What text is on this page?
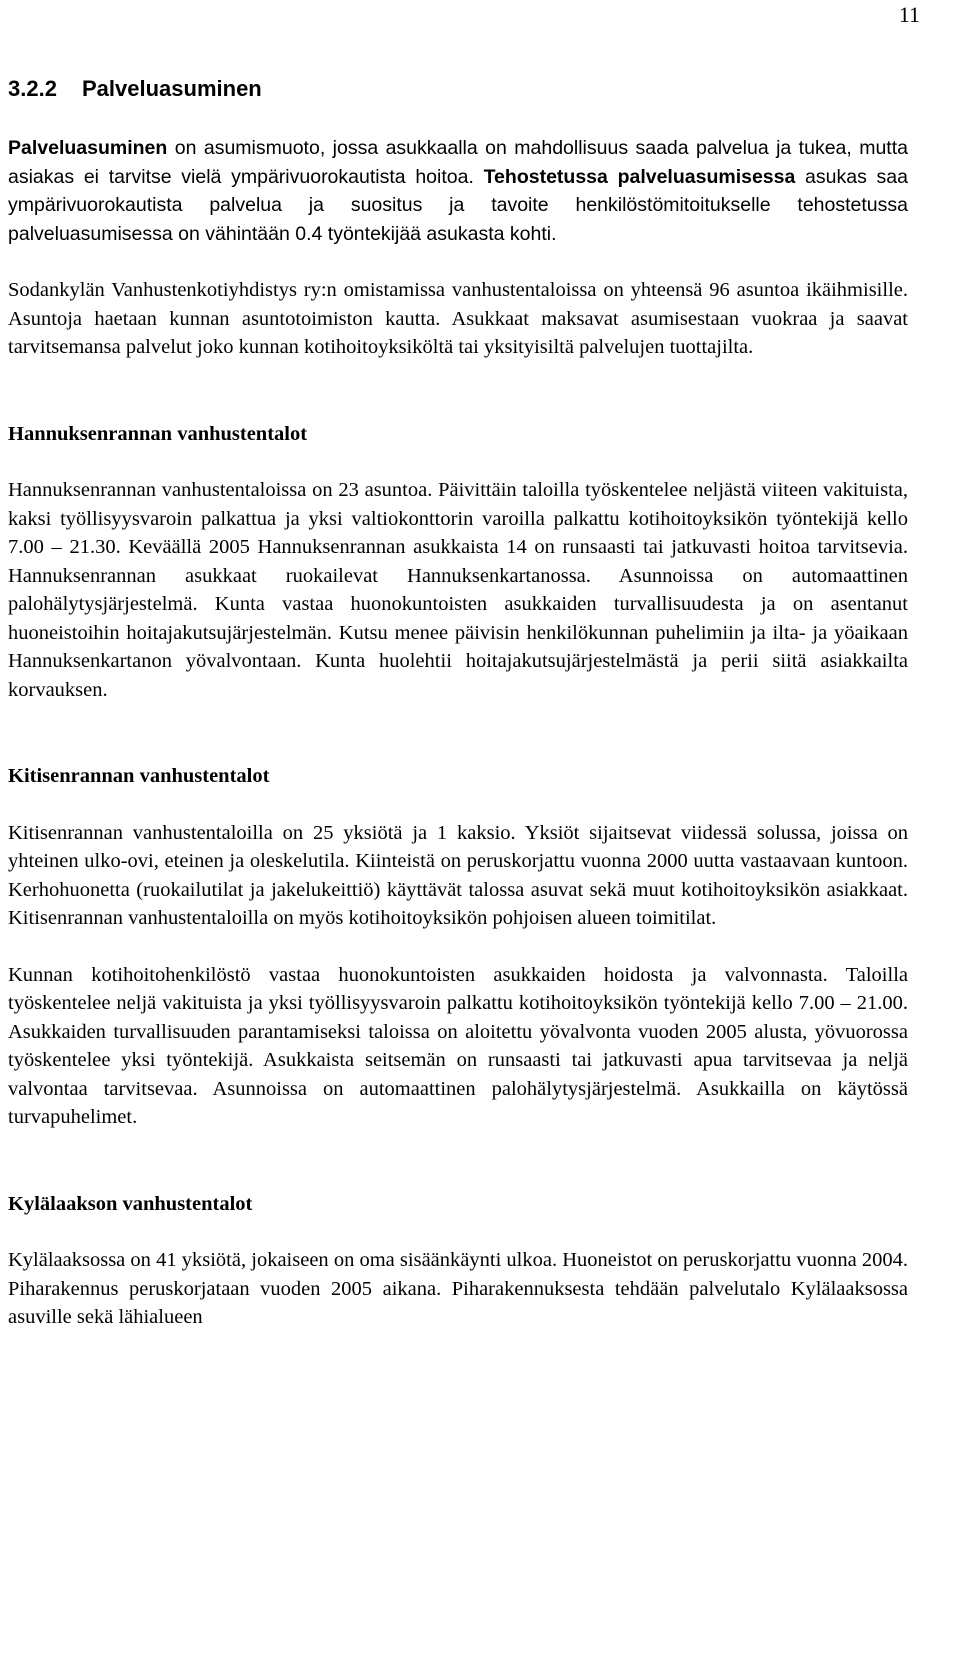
11
3.2.2 Palveluasuminen

Palveluasuminen on asumismuoto, jossa asukkaalla on mahdollisuus saada palvelua ja tukea, mutta asiakas ei tarvitse vielä ympärivuorokautista hoitoa. Tehostetussa palveluasumisessa asukas saa ympärivuorokautista palvelua ja suositus ja tavoite henkilöstömitoitukselle tehostetussa palveluasumisessa on vähintään 0.4 työntekijää asukasta kohti.

Sodankylän Vanhustenkotiyhdistys ry:n omistamissa vanhustentaloissa on yhteensä 96 asuntoa ikäihmisille. Asuntoja haetaan kunnan asuntotoimiston kautta. Asukkaat maksavat asumisestaan vuokraa ja saavat tarvitsemansa palvelut joko kunnan kotihoitoyksiköltä tai yksityisiltä palvelujen tuottajilta.

Hannuksenrannan vanhustentalot

Hannuksenrannan vanhustentaloissa on 23 asuntoa. Päivittäin taloilla työskentelee neljästä viiteen vakituista, kaksi työllisyysvaroin palkattua ja yksi valtiokonttorin varoilla palkattu kotihoitoyksikön työntekijä kello 7.00 – 21.30. Keväällä 2005 Hannuksenrannan asukkaista 14 on runsaasti tai jatkuvasti hoitoa tarvitsevia. Hannuksenrannan asukkaat ruokailevat Hannuksenkartanossa. Asunnoissa on automaattinen palohälytysjärjestelmä. Kunta vastaa huonokuntoisten asukkaiden turvallisuudesta ja on asentanut huoneistoihin hoitajakutsujärjestelmän. Kutsu menee päivisin henkilökunnan puhelimiin ja ilta- ja yöaikaan Hannuksenkartanon yövalvontaan. Kunta huolehtii hoitajakutsujärjestelmästä ja perii siitä asiakkailta korvauksen.

Kitisenrannan vanhustentalot

Kitisenrannan vanhustentaloilla on 25 yksiötä ja 1 kaksio. Yksiöt sijaitsevat viidessä solussa, joissa on yhteinen ulko-ovi, eteinen ja oleskelutila. Kiinteistä on peruskorjattu vuonna 2000 uutta vastaavaan kuntoon. Kerhohuonetta (ruokailutilat ja jakelukeittiö) käyttävät talossa asuvat sekä muut kotihoitoyksikön asiakkaat. Kitisenrannan vanhustentaloilla on myös kotihoitoyksikön pohjoisen alueen toimitilat.

Kunnan kotihoitohenkilöstö vastaa huonokuntoisten asukkaiden hoidosta ja valvonnasta. Taloilla työskentelee neljä vakituista ja yksi työllisyysvaroin palkattu kotihoitoyksikön työntekijä kello 7.00 – 21.00. Asukkaiden turvallisuuden parantamiseksi taloissa on aloitettu yövalvonta vuoden 2005 alusta, yövuorossa työskentelee yksi työntekijä. Asukkaista seitsemän on runsaasti tai jatkuvasti apua tarvitsevaa ja neljä valvontaa tarvitsevaa. Asunnoissa on automaattinen palohälytysjärjestelmä. Asukkailla on käytössä turvapuhelimet.

Kylälaakson vanhustentalot

Kylälaaksossa on 41 yksiötä, jokaiseen on oma sisäänkäynti ulkoa. Huoneistot on peruskorjattu vuonna 2004. Piharakennus peruskorjataan vuoden 2005 aikana. Piharakennuksesta tehdään palvelutalo Kylälaaksossa asuville sekä lähialueen
